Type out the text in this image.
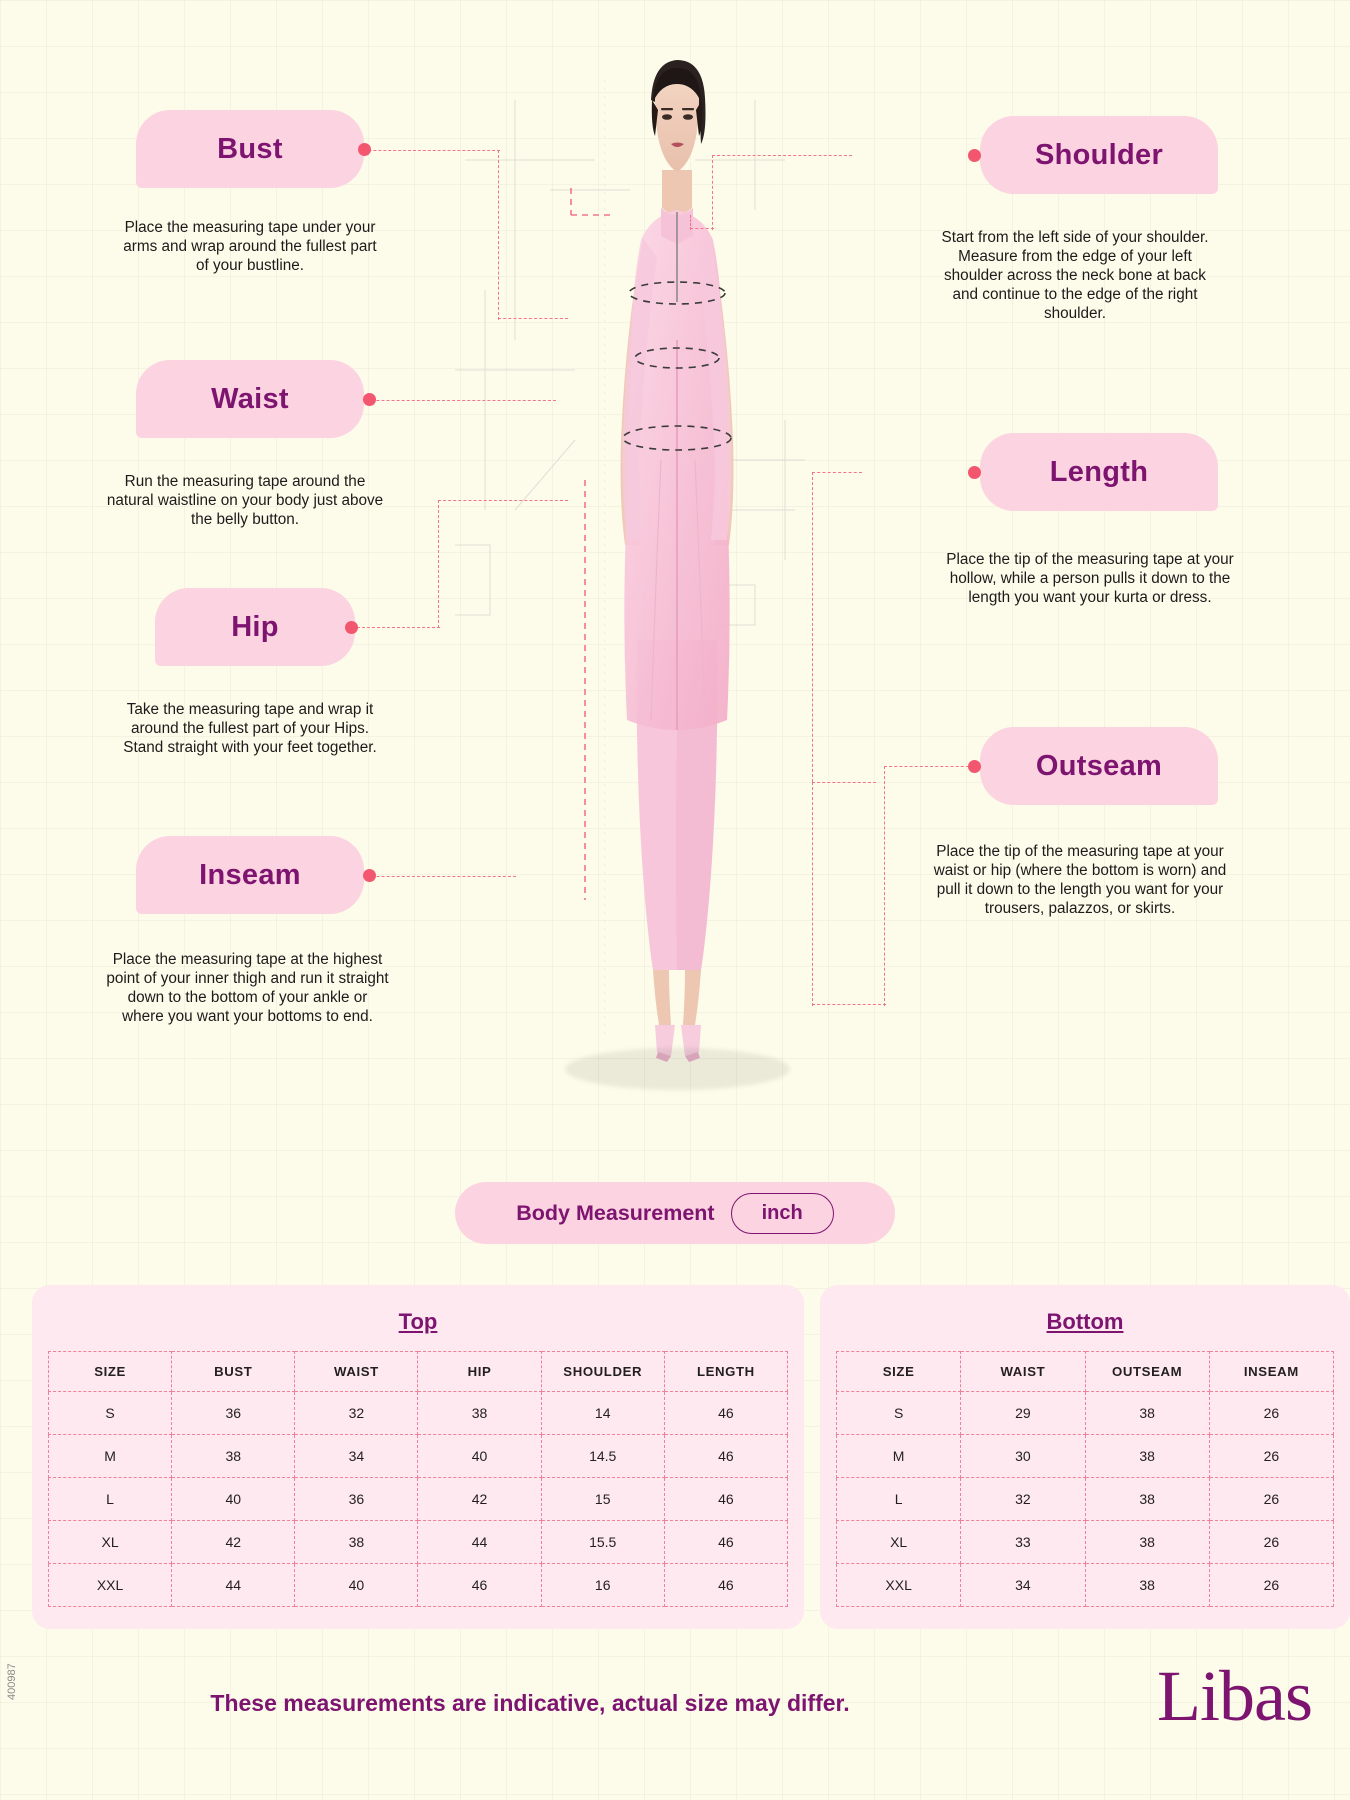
Bust
Place the measuring tape under your arms and wrap around the fullest part of your bustline.
Waist
Run the measuring tape around the natural waistline on your body just above the belly button.
Hip
Take the measuring tape and wrap it around the fullest part of your Hips. Stand straight with your feet together.
Inseam
Place the measuring tape at the highest point of your inner thigh and run it straight down to the bottom of your ankle or where you want your bottoms to end.
Shoulder
Start from the left side of your shoulder. Measure from the edge of your left shoulder across the neck bone at back and continue to the edge of the right shoulder.
Length
Place the tip of the measuring tape at your hollow, while a person pulls it down to the length you want your kurta or dress.
Outseam
Place the tip of the measuring tape at your waist or hip (where the bottom is worn) and pull it down to the length you want for your trousers, palazzos, or skirts.
Body Measurement	inch
Top
SIZE	BUST	WAIST	HIP	SHOULDER	LENGTH
S	36	32	38	14	46
M	38	34	40	14.5	46
L	40	36	42	15	46
XL	42	38	44	15.5	46
XXL	44	40	46	16	46
Bottom
SIZE	WAIST	OUTSEAM	INSEAM
S	29	38	26
M	30	38	26
L	32	38	26
XL	33	38	26
XXL	34	38	26
These measurements are indicative, actual size may differ.	Libas
400987
